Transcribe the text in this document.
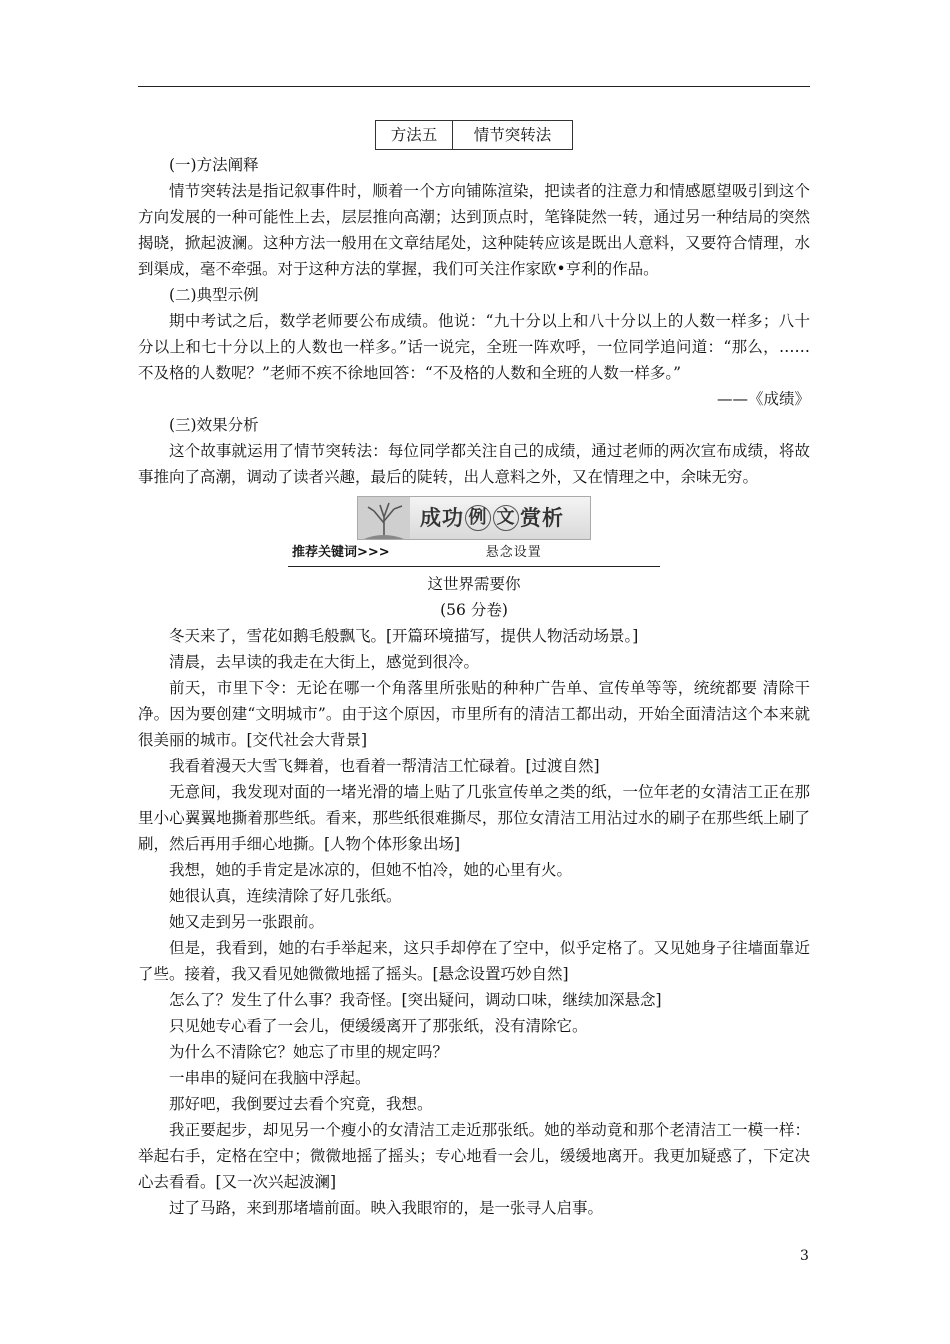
方法五	情节突转法

(一)方法阐释

情节突转法是指记叙事件时，顺着一个方向铺陈渲染，把读者的注意力和情感愿望吸引到这个方向发展的一种可能性上去，层层推向高潮；达到顶点时，笔锋陡然一转，通过另一种结局的突然揭晓，掀起波澜。这种方法一般用在文章结尾处，这种陡转应该是既出人意料，又要符合情理，水到渠成，毫不牵强。对于这种方法的掌握，我们可关注作家欧•亨利的作品。

(二)典型示例

期中考试之后，数学老师要公布成绩。他说：“九十分以上和八十分以上的人数一样多；八十分以上和七十分以上的人数也一样多。”话一说完，全班一阵欢呼，一位同学追问道：“那么，……不及格的人数呢？”老师不疾不徐地回答：“不及格的人数和全班的人数一样多。”

——《成绩》

(三)效果分析

这个故事就运用了情节突转法：每位同学都关注自己的成绩，通过老师的两次宣布成绩，将故事推向了高潮，调动了读者兴趣，最后的陡转，出人意料之外，又在情理之中，余味无穷。

成功 例 文 赏析
推荐关键词>>>	悬念设置

这世界需要你

(56 分卷)

冬天来了，雪花如鹅毛般飘飞。[开篇环境描写，提供人物活动场景。]

清晨，去早读的我走在大街上，感觉到很冷。

前天，市里下令：无论在哪一个角落里所张贴的种种广告单、宣传单等等，统统都要 清除干净。因为要创建“文明城市”。由于这个原因，市里所有的清洁工都出动，开始全面清洁这个本来就很美丽的城市。[交代社会大背景]

我看着漫天大雪飞舞着，也看着一帮清洁工忙碌着。[过渡自然]

无意间，我发现对面的一堵光滑的墙上贴了几张宣传单之类的纸，一位年老的女清洁工正在那里小心翼翼地撕着那些纸。看来，那些纸很难撕尽，那位女清洁工用沾过水的刷子在那些纸上刷了刷，然后再用手细心地撕。[人物个体形象出场]

我想，她的手肯定是冰凉的，但她不怕冷，她的心里有火。

她很认真，连续清除了好几张纸。

她又走到另一张跟前。

但是，我看到，她的右手举起来，这只手却停在了空中，似乎定格了。又见她身子往墙面靠近了些。接着，我又看见她微微地摇了摇头。[悬念设置巧妙自然]

怎么了？发生了什么事？我奇怪。[突出疑问，调动口味，继续加深悬念]

只见她专心看了一会儿，便缓缓离开了那张纸，没有清除它。

为什么不清除它？她忘了市里的规定吗？

一串串的疑问在我脑中浮起。

那好吧，我倒要过去看个究竟，我想。

我正要起步，却见另一个瘦小的女清洁工走近那张纸。她的举动竟和那个老清洁工一模一样：举起右手，定格在空中；微微地摇了摇头；专心地看一会儿，缓缓地离开。我更加疑惑了，下定决心去看看。[又一次兴起波澜]

过了马路，来到那堵墙前面。映入我眼帘的，是一张寻人启事。

3
